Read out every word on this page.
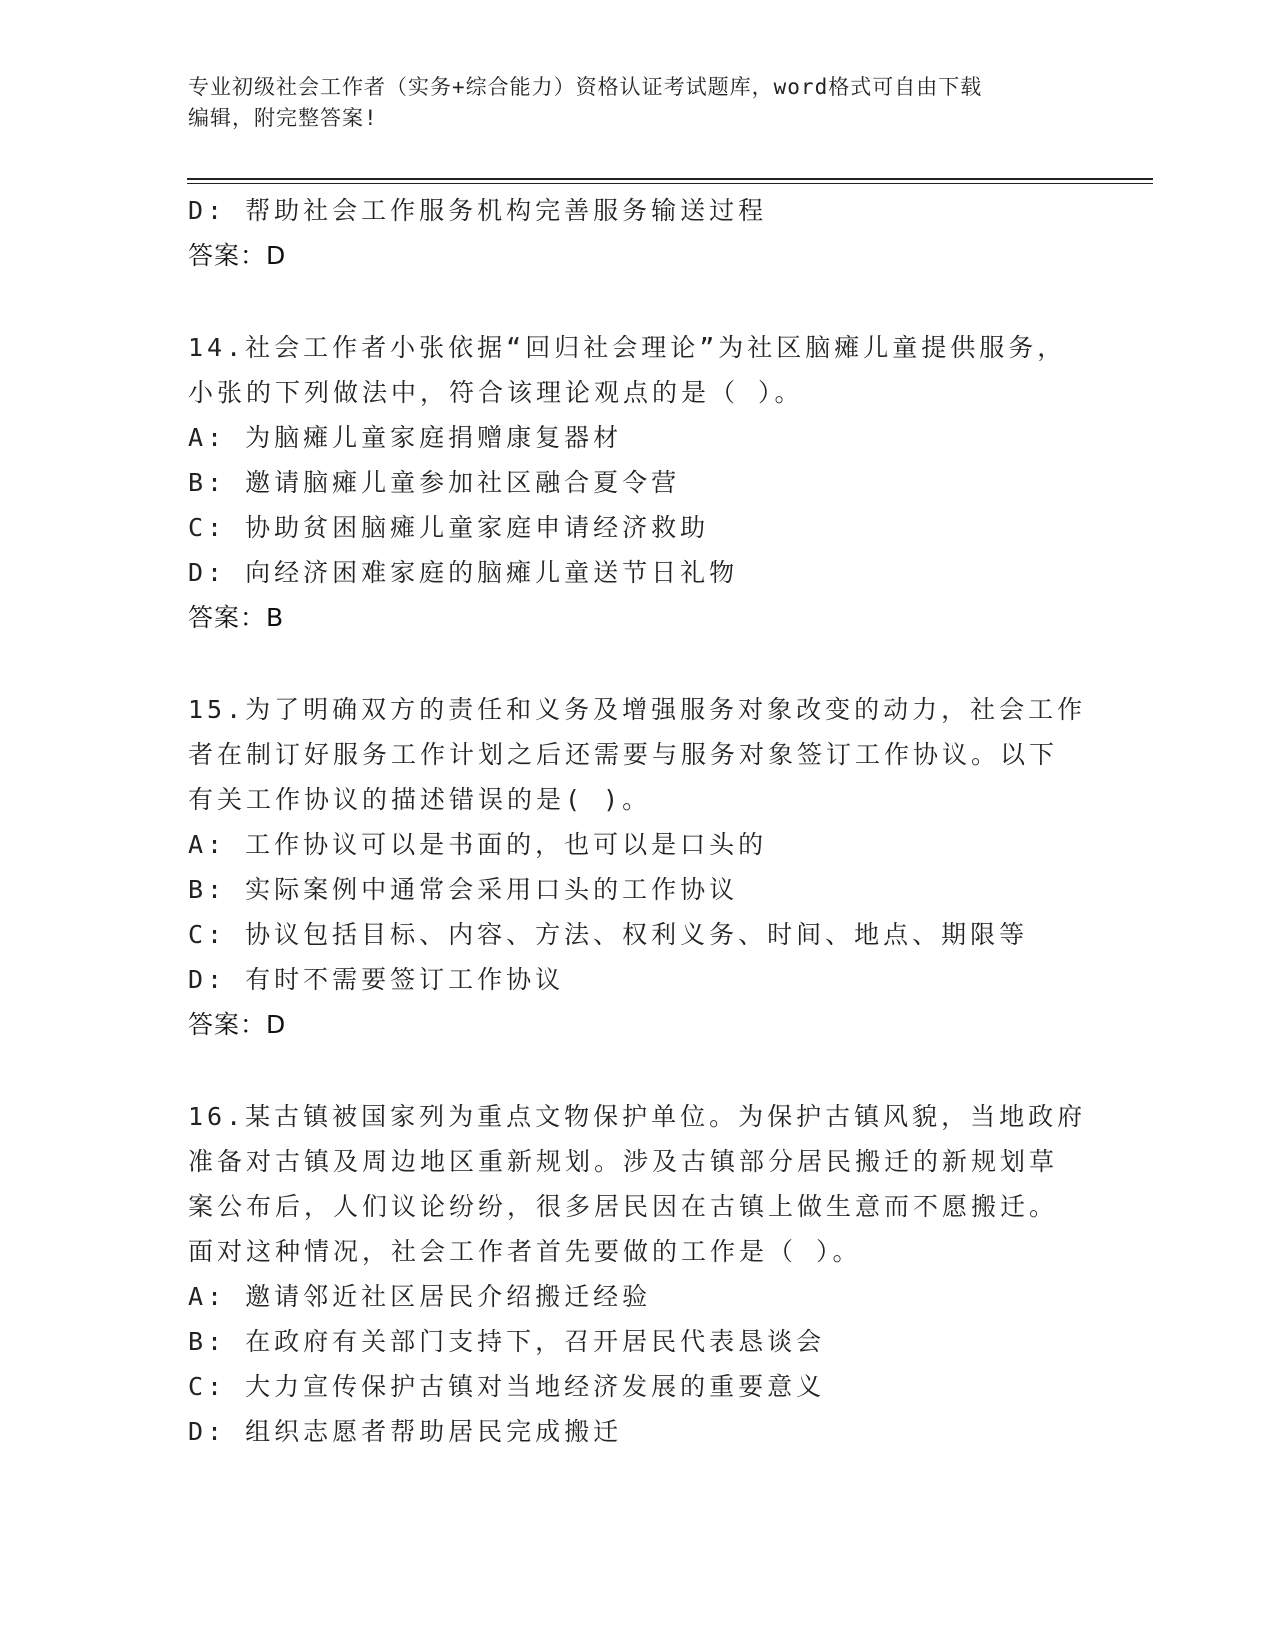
专业初级社会工作者（实务+综合能力）资格认证考试题库，word格式可自由下载
编辑，附完整答案!
D: 帮助社会工作服务机构完善服务输送过程
答案：D
14.社会工作者小张依据“回归社会理论”为社区脑瘫儿童提供服务，
小张的下列做法中，符合该理论观点的是（ ）。
A: 为脑瘫儿童家庭捐赠康复器材
B: 邀请脑瘫儿童参加社区融合夏令营
C: 协助贫困脑瘫儿童家庭申请经济救助
D: 向经济困难家庭的脑瘫儿童送节日礼物
答案：B
15.为了明确双方的责任和义务及增强服务对象改变的动力，社会工作
者在制订好服务工作计划之后还需要与服务对象签订工作协议。以下
有关工作协议的描述错误的是( )。
A: 工作协议可以是书面的，也可以是口头的
B: 实际案例中通常会采用口头的工作协议
C: 协议包括目标、内容、方法、权利义务、时间、地点、期限等
D: 有时不需要签订工作协议
答案：D
16.某古镇被国家列为重点文物保护单位。为保护古镇风貌，当地政府
准备对古镇及周边地区重新规划。涉及古镇部分居民搬迁的新规划草
案公布后，人们议论纷纷，很多居民因在古镇上做生意而不愿搬迁。
面对这种情况，社会工作者首先要做的工作是（ ）。
A: 邀请邻近社区居民介绍搬迁经验
B: 在政府有关部门支持下，召开居民代表恳谈会
C: 大力宣传保护古镇对当地经济发展的重要意义
D: 组织志愿者帮助居民完成搬迁
